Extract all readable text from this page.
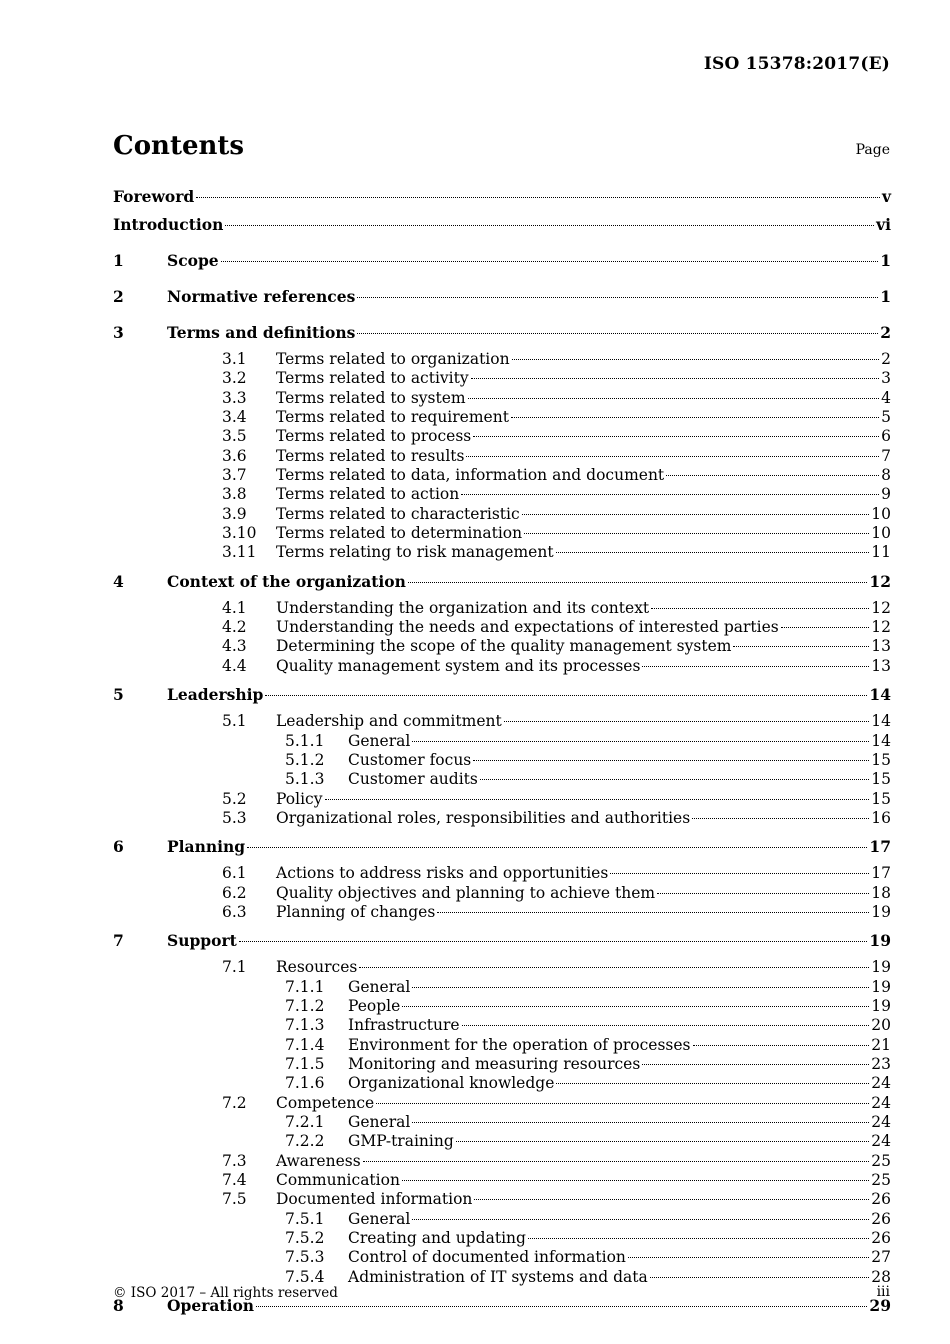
ISO 15378:2017(E)
Contents	Page
Foreword	v
Introduction	vi
1	Scope	1
2	Normative references	1
3	Terms and definitions	2
3.1	Terms related to organization	2
3.2	Terms related to activity	3
3.3	Terms related to system	4
3.4	Terms related to requirement	5
3.5	Terms related to process	6
3.6	Terms related to results	7
3.7	Terms related to data, information and document	8
3.8	Terms related to action	9
3.9	Terms related to characteristic	10
3.10	Terms related to determination	10
3.11	Terms relating to risk management	11
4	Context of the organization	12
4.1	Understanding the organization and its context	12
4.2	Understanding the needs and expectations of interested parties	12
4.3	Determining the scope of the quality management system	13
4.4	Quality management system and its processes	13
5	Leadership	14
5.1	Leadership and commitment	14
5.1.1	General	14
5.1.2	Customer focus	15
5.1.3	Customer audits	15
5.2	Policy	15
5.3	Organizational roles, responsibilities and authorities	16
6	Planning	17
6.1	Actions to address risks and opportunities	17
6.2	Quality objectives and planning to achieve them	18
6.3	Planning of changes	19
7	Support	19
7.1	Resources	19
7.1.1	General	19
7.1.2	People	19
7.1.3	Infrastructure	20
7.1.4	Environment for the operation of processes	21
7.1.5	Monitoring and measuring resources	23
7.1.6	Organizational knowledge	24
7.2	Competence	24
7.2.1	General	24
7.2.2	GMP-training	24
7.3	Awareness	25
7.4	Communication	25
7.5	Documented information	26
7.5.1	General	26
7.5.2	Creating and updating	26
7.5.3	Control of documented information	27
7.5.4	Administration of IT systems and data	28
8	Operation	29
© ISO 2017 – All rights reserved	iii
